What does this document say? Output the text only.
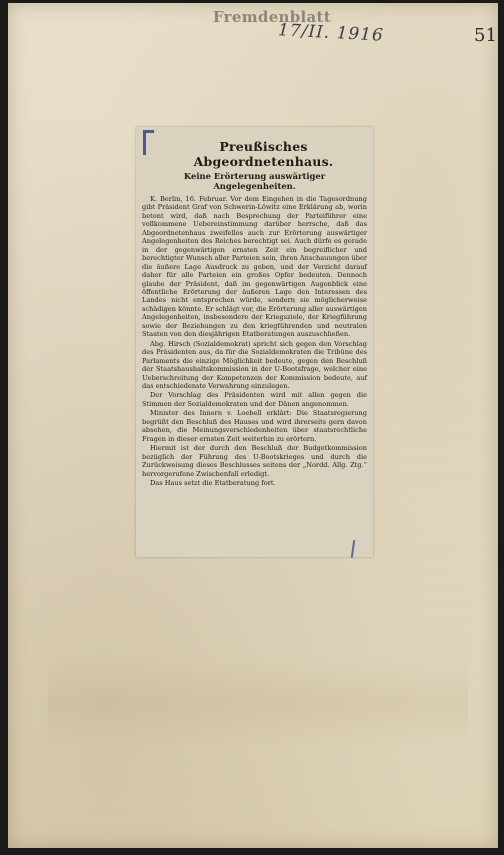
Fremdenblatt
17/II. 1916	51
Preußisches Abgeordnetenhaus.
Keine Erörterung auswärtiger Angelegenheiten.

K. Berlin, 16. Februar. Vor dem Eingehen in die Tagesordnung gibt Präsident Graf von Schwerin-Löwitz eine Erklärung ab, worin betont wird, daß nach Besprechung der Parteiführer eine vollkommene Uebereinstimmung darüber herrsche, daß das Abgeordnetenhaus zweifellos auch zur Erörterung auswärtiger Angelegenheiten des Reiches berechtigt sei. Auch dürfe es gerade in der gegenwärtigen ernsten Zeit ein begreiflicher und berechtigter Wunsch aller Parteien sein, ihren Anschauungen über die äußere Lage Ausdruck zu geben, und der Verzicht darauf daher für alle Parteien ein großes Opfer bedeuten. Dennoch glaube der Präsident, daß im gegenwärtigen Augenblick eine öffentliche Erörterung der äußeren Lage den Interessen des Landes nicht entsprechen würde, sondern sie möglicherweise schädigen könnte. Er schlägt vor, die Erörterung aller auswärtigen Angelegenheiten, insbesondere der Kriegsziele, der Kriegführung sowie der Beziehungen zu den kriegführenden und neutralen Staaten von den diesjährigen Etatberatungen auszuschließen.

Abg. Hirsch (Sozialdemokrat) spricht sich gegen den Vorschlag des Präsidenten aus, da für die Sozialdemokraten die Tribüne des Parlaments die einzige Möglichkeit bedeute, gegen den Beschluß der Staatshaushaltskommission in der U-Bootsfrage, welcher eine Ueberschreitung der Kompetenzen der Kommission bedeute, auf das entschiedenste Verwahrung einzulegen.

Der Vorschlag des Präsidenten wird mit allen gegen die Stimmen der Sozialdemokraten und der Dänen angenommen.

Minister des Innern v. Loebell erklärt: Die Staatsregierung begrüßt den Beschluß des Hauses und wird ihrerseits gern davon absehen, die Meinungsverschiedenheiten über staatsrechtliche Fragen in dieser ernsten Zeit weiterhin zu erörtern.

Hiermit ist der durch den Beschluß der Budgetkommission bezüglich der Führung des U-Bootskrieges und durch die Zurückweisung dieses Beschlusses seitens der „Nordd. Allg. Ztg.“ hervorgerufene Zwischenfall erledigt.

Das Haus setzt die Etatberatung fort.
